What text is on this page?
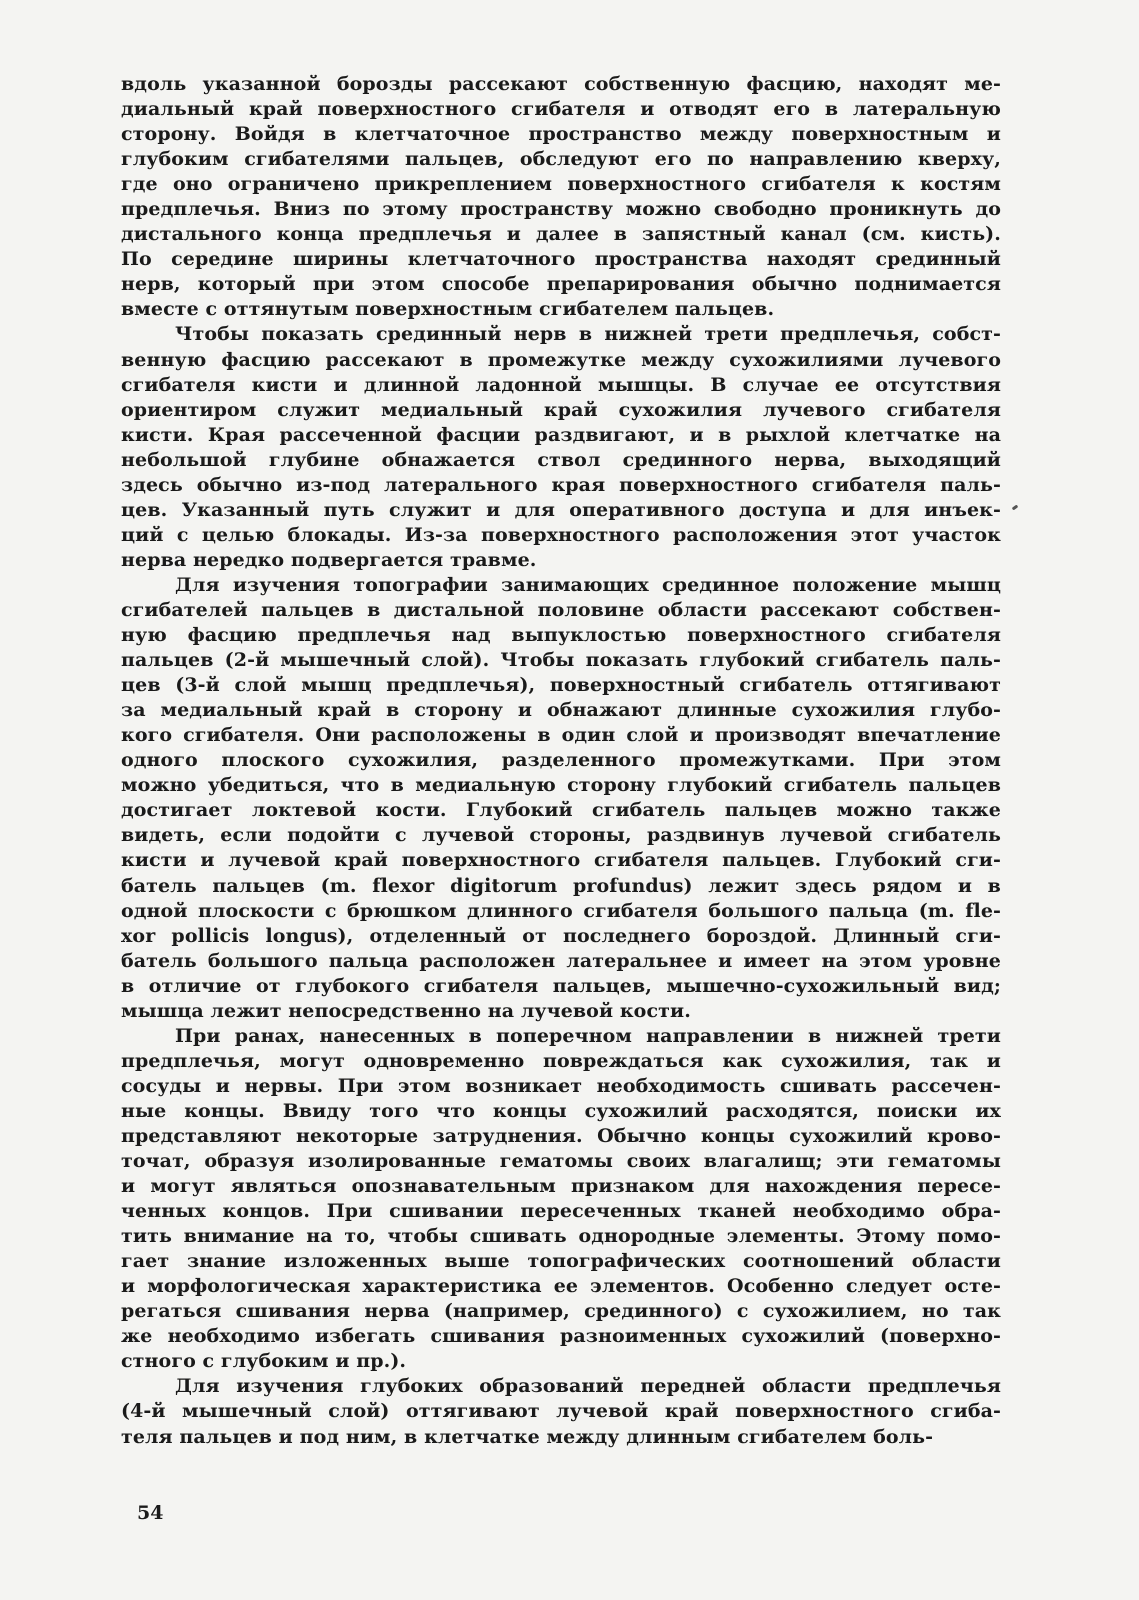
вдоль указанной борозды рассекают собственную фасцию, находят ме-
диальный край поверхностного сгибателя и отводят его в латеральную
сторону. Войдя в клетчаточное пространство между поверхностным и
глубоким сгибателями пальцев, обследуют его по направлению кверху,
где оно ограничено прикреплением поверхностного сгибателя к костям
предплечья. Вниз по этому пространству можно свободно проникнуть до
дистального конца предплечья и далее в запястный канал (см. кисть).
По середине ширины клетчаточного пространства находят срединный
нерв, который при этом способе препарирования обычно поднимается
вместе с оттянутым поверхностным сгибателем пальцев.
Чтобы показать срединный нерв в нижней трети предплечья, собст-
венную фасцию рассекают в промежутке между сухожилиями лучевого
сгибателя кисти и длинной ладонной мышцы. В случае ее отсутствия
ориентиром служит медиальный край сухожилия лучевого сгибателя
кисти. Края рассеченной фасции раздвигают, и в рыхлой клетчатке на
небольшой глубине обнажается ствол срединного нерва, выходящий
здесь обычно из-под латерального края поверхностного сгибателя паль-
цев. Указанный путь служит и для оперативного доступа и для инъек-
ций с целью блокады. Из-за поверхностного расположения этот участок
нерва нередко подвергается травме.
Для изучения топографии занимающих срединное положение мышц
сгибателей пальцев в дистальной половине области рассекают собствен-
ную фасцию предплечья над выпуклостью поверхностного сгибателя
пальцев (2-й мышечный слой). Чтобы показать глубокий сгибатель паль-
цев (3-й слой мышц предплечья), поверхностный сгибатель оттягивают
за медиальный край в сторону и обнажают длинные сухожилия глубо-
кого сгибателя. Они расположены в один слой и производят впечатление
одного плоского сухожилия, разделенного промежутками. При этом
можно убедиться, что в медиальную сторону глубокий сгибатель пальцев
достигает локтевой кости. Глубокий сгибатель пальцев можно также
видеть, если подойти с лучевой стороны, раздвинув лучевой сгибатель
кисти и лучевой край поверхностного сгибателя пальцев. Глубокий сги-
батель пальцев (m. flexor digitorum profundus) лежит здесь рядом и в
одной плоскости с брюшком длинного сгибателя большого пальца (m. fle-
xor pollicis longus), отделенный от последнего бороздой. Длинный сги-
батель большого пальца расположен латеральнее и имеет на этом уровне
в отличие от глубокого сгибателя пальцев, мышечно-сухожильный вид;
мышца лежит непосредственно на лучевой кости.
При ранах, нанесенных в поперечном направлении в нижней трети
предплечья, могут одновременно повреждаться как сухожилия, так и
сосуды и нервы. При этом возникает необходимость сшивать рассечен-
ные концы. Ввиду того что концы сухожилий расходятся, поиски их
представляют некоторые затруднения. Обычно концы сухожилий крово-
точат, образуя изолированные гематомы своих влагалищ; эти гематомы
и могут являться опознавательным признаком для нахождения пересе-
ченных концов. При сшивании пересеченных тканей необходимо обра-
тить внимание на то, чтобы сшивать однородные элементы. Этому помо-
гает знание изложенных выше топографических соотношений области
и морфологическая характеристика ее элементов. Особенно следует осте-
регаться сшивания нерва (например, срединного) с сухожилием, но так
же необходимо избегать сшивания разноименных сухожилий (поверхно-
стного с глубоким и пр.).
Для изучения глубоких образований передней области предплечья
(4-й мышечный слой) оттягивают лучевой край поверхностного сгиба-
теля пальцев и под ним, в клетчатке между длинным сгибателем боль-
54
